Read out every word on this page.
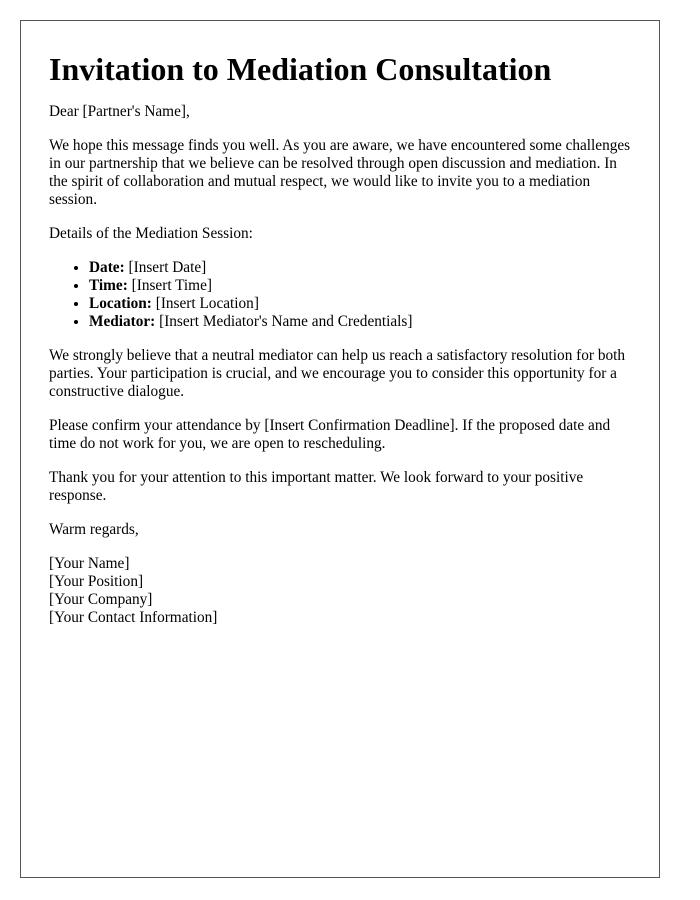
Invitation to Mediation Consultation

Dear [Partner's Name],

We hope this message finds you well. As you are aware, we have encountered some challenges in our partnership that we believe can be resolved through open discussion and mediation. In the spirit of collaboration and mutual respect, we would like to invite you to a mediation session.

Details of the Mediation Session:

• Date: [Insert Date]
• Time: [Insert Time]
• Location: [Insert Location]
• Mediator: [Insert Mediator's Name and Credentials]

We strongly believe that a neutral mediator can help us reach a satisfactory resolution for both parties. Your participation is crucial, and we encourage you to consider this opportunity for a constructive dialogue.

Please confirm your attendance by [Insert Confirmation Deadline]. If the proposed date and time do not work for you, we are open to rescheduling.

Thank you for your attention to this important matter. We look forward to your positive response.

Warm regards,

[Your Name]
[Your Position]
[Your Company]
[Your Contact Information]
